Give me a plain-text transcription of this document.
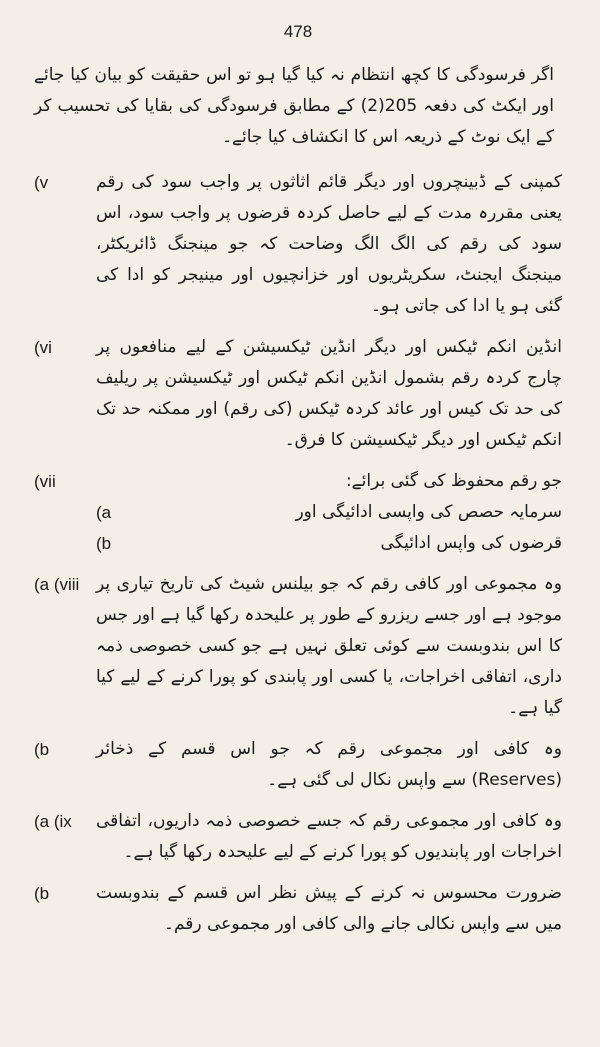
478

اگر فرسودگی کا کچھ انتظام نہ کیا گیا ہو تو اس حقیقت کو بیان کیا جائے اور ایکٹ کی دفعہ 205(2) کے مطابق فرسودگی کی بقایا کی تحسیب کر کے ایک نوٹ کے ذریعہ اس کا انکشاف کیا جائے۔

(v	کمپنی کے ڈبینچروں اور دیگر قائم اثاثوں پر واجب سود کی رقم یعنی مقررہ مدت کے لیے حاصل کردہ قرضوں پر واجب سود، اس سود کی رقم کی الگ الگ وضاحت کہ جو مینجنگ ڈائریکٹر، مینجنگ ایجنٹ، سکریٹریوں اور خزانچیوں اور مینیجر کو ادا کی گئی ہو یا ادا کی جاتی ہو۔
(vi	انڈین انکم ٹیکس اور دیگر انڈین ٹیکسیشن کے لیے منافعوں پر چارج کردہ رقم بشمول انڈین انکم ٹیکس اور ٹیکسیشن پر ریلیف کی حد تک کیس اور عائد کردہ ٹیکس (کی رقم) اور ممکنہ حد تک انکم ٹیکس اور دیگر ٹیکسیشن کا فرق۔
(vii	جو رقم محفوظ کی گئی برائے:
(a	سرمایہ حصص کی واپسی ادائیگی اور
(b	قرضوں کی واپس ادائیگی
(a (viii وہ مجموعی اور کافی رقم کہ جو بیلنس شیٹ کی تاریخ تیاری پر موجود ہے اور جسے ریزرو کے طور پر علیحدہ رکھا گیا ہے اور جس کا اس بندوبست سے کوئی تعلق نہیں ہے جو کسی خصوصی ذمہ داری، اتفاقی اخراجات، یا کسی اور پابندی کو پورا کرنے کے لیے کیا گیا ہے۔
(b	وہ کافی اور مجموعی رقم کہ جو اس قسم کے ذخائر (Reserves) سے واپس نکال لی گئی ہے۔
(a (ix	وہ کافی اور مجموعی رقم کہ جسے خصوصی ذمہ داریوں، اتفاقی اخراجات اور پابندیوں کو پورا کرنے کے لیے علیحدہ رکھا گیا ہے۔
(b	ضرورت محسوس نہ کرنے کے پیش نظر اس قسم کے بندوبست میں سے واپس نکالی جانے والی کافی اور مجموعی رقم۔
